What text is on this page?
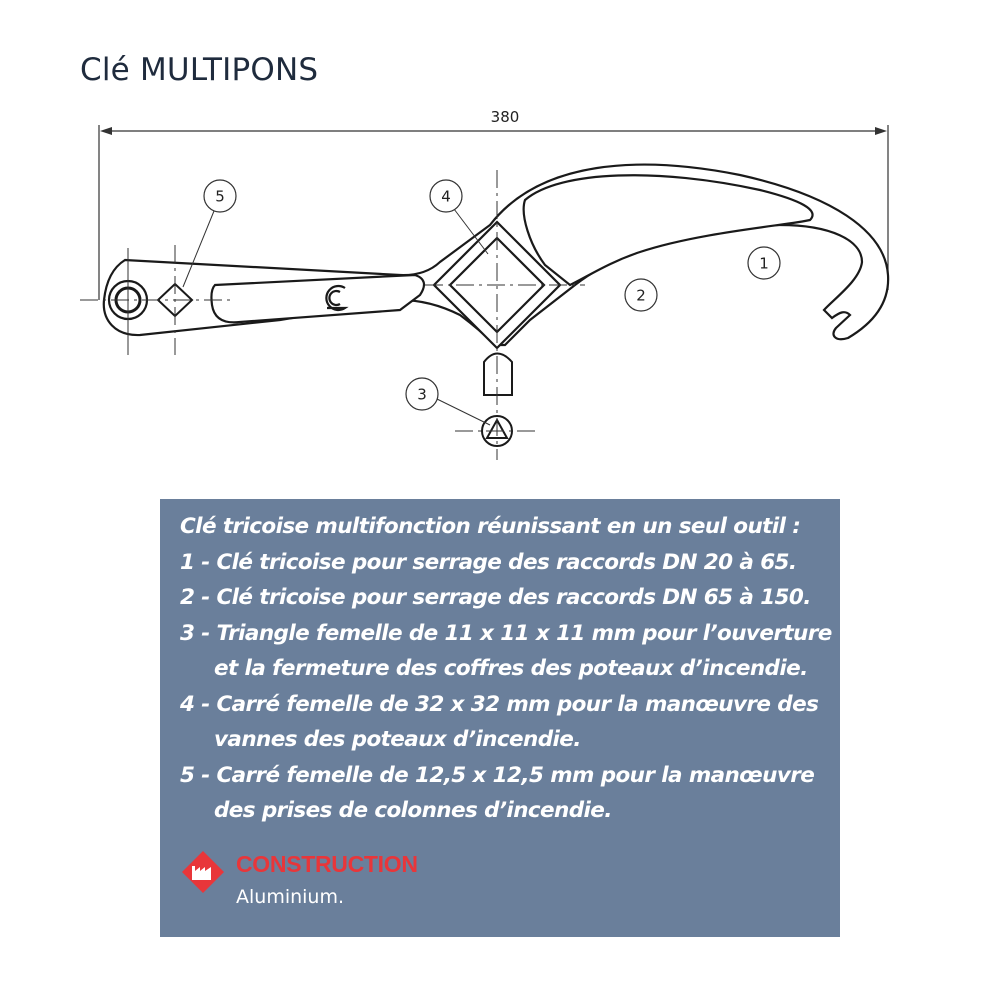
Clé MULTIPONS
380
1
2
3
4
5
Clé tricoise multifonction réunissant en un seul outil :
1 - Clé tricoise pour serrage des raccords DN 20 à 65.
2 - Clé tricoise pour serrage des raccords DN 65 à 150.
3 - Triangle femelle de 11 x 11 x 11 mm pour l’ouverture
et la fermeture des coffres des poteaux d’incendie.
4 - Carré femelle de 32 x 32 mm pour la manœuvre des
vannes des poteaux d’incendie.
5 - Carré femelle de 12,5 x 12,5 mm pour la manœuvre
des prises de colonnes d’incendie.
CONSTRUCTION
Aluminium.
